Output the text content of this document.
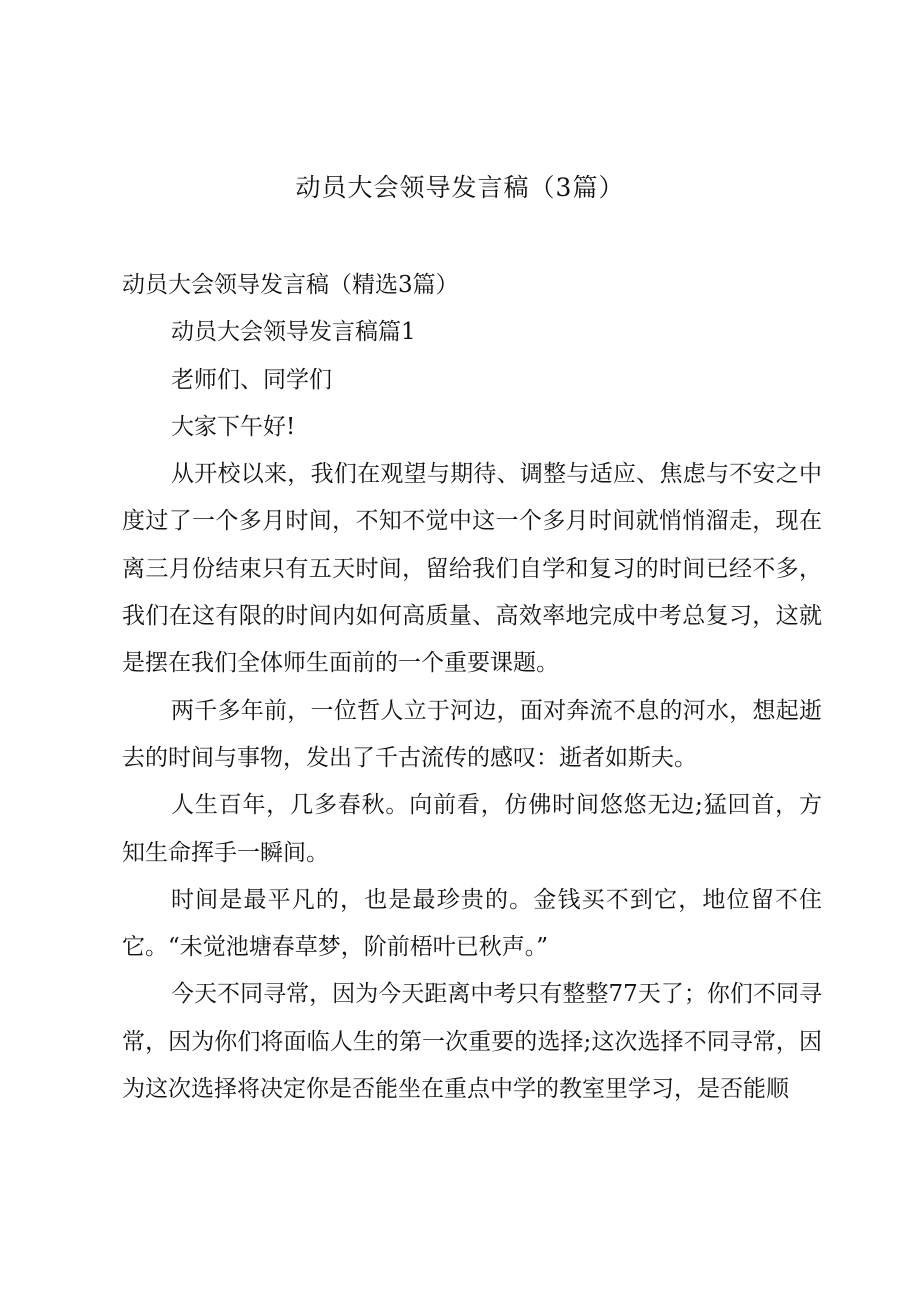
动员大会领导发言稿（3篇）

动员大会领导发言稿（精选3篇）

动员大会领导发言稿篇1

老师们、同学们

大家下午好!

从开校以来，我们在观望与期待、调整与适应、焦虑与不安之中度过了一个多月时间，不知不觉中这一个多月时间就悄悄溜走，现在离三月份结束只有五天时间，留给我们自学和复习的时间已经不多，我们在这有限的时间内如何高质量、高效率地完成中考总复习，这就是摆在我们全体师生面前的一个重要课题。

两千多年前，一位哲人立于河边，面对奔流不息的河水，想起逝去的时间与事物，发出了千古流传的感叹：逝者如斯夫。

人生百年，几多春秋。向前看，仿佛时间悠悠无边;猛回首，方知生命挥手一瞬间。

时间是最平凡的，也是最珍贵的。金钱买不到它，地位留不住它。“未觉池塘春草梦，阶前梧叶已秋声。”

今天不同寻常，因为今天距离中考只有整整77天了；你们不同寻常，因为你们将面临人生的第一次重要的选择;这次选择不同寻常，因为这次选择将决定你是否能坐在重点中学的教室里学习，是否能顺
